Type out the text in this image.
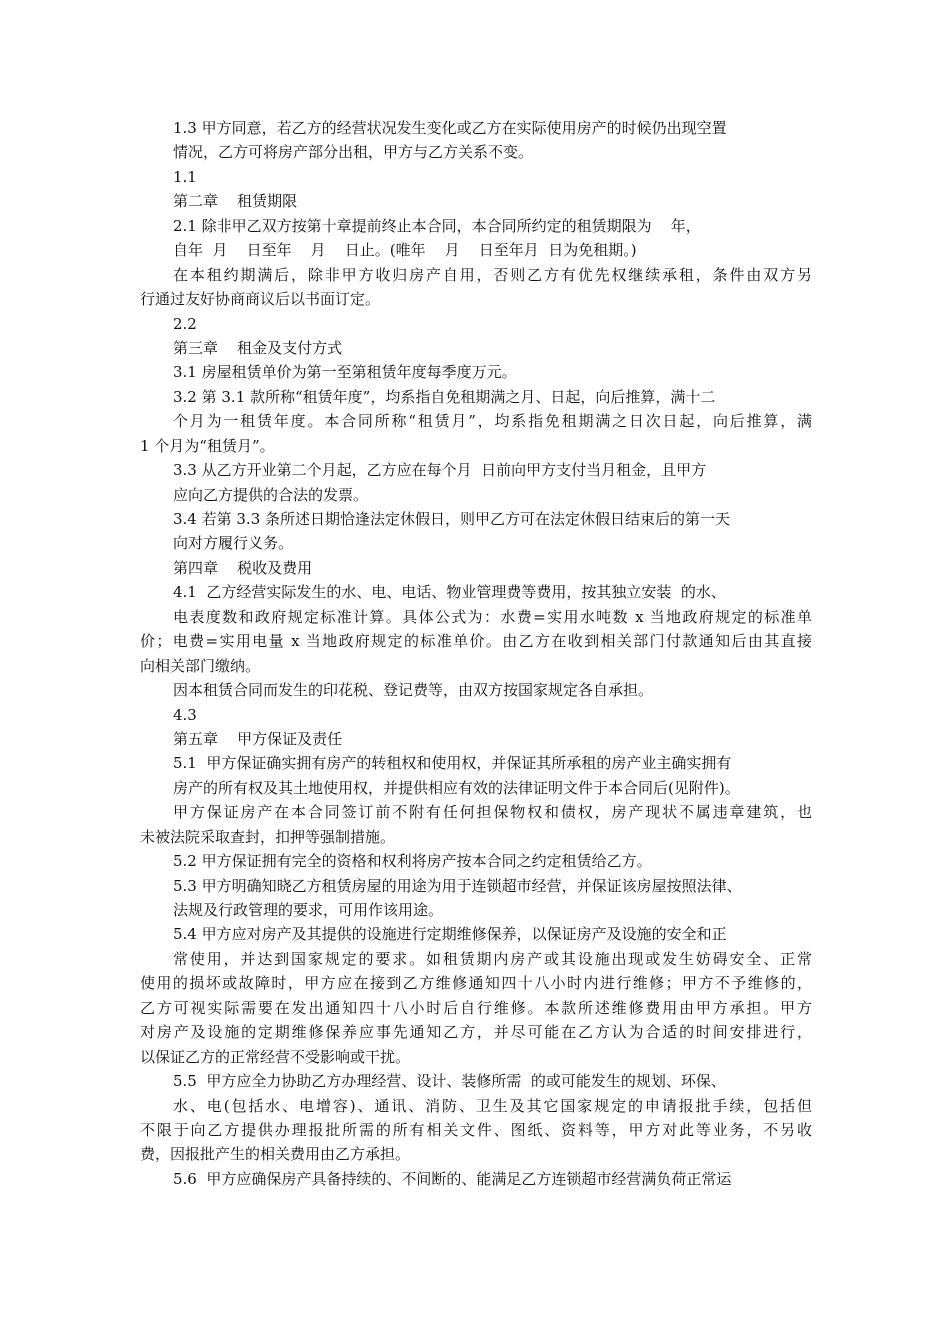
1.3 甲方同意，若乙方的经营状况发生变化或乙方在实际使用房产的时候仍出现空置
情况，乙方可将房产部分出租，甲方与乙方关系不变。
1.1
第二章    租赁期限
2.1 除非甲乙双方按第十章提前终止本合同，本合同所约定的租赁期限为    年，
自年  月    日至年    月    日止。(唯年    月    日至年月  日为免租期。)
在本租约期满后，除非甲方收归房产自用，否则乙方有优先权继续承租，条件由双方另
行通过友好协商商议后以书面订定。
2.2
第三章    租金及支付方式
3.1 房屋租赁单价为第一至第租赁年度每季度万元。
3.2 第 3.1 款所称“租赁年度”，均系指自免租期满之月、日起，向后推算，满十二
个月为一租赁年度。本合同所称“租赁月”，均系指免租期满之日次日起，向后推算，满
1 个月为“租赁月”。
3.3 从乙方开业第二个月起，乙方应在每个月  日前向甲方支付当月租金，且甲方
应向乙方提供的合法的发票。
3.4 若第 3.3 条所述日期恰逢法定休假日，则甲乙方可在法定休假日结束后的第一天
向对方履行义务。
第四章    税收及费用
4.1  乙方经营实际发生的水、电、电话、物业管理费等费用，按其独立安装  的水、
电表度数和政府规定标准计算。具体公式为：水费=实用水吨数 x 当地政府规定的标准单
价；电费=实用电量 x 当地政府规定的标准单价。由乙方在收到相关部门付款通知后由其直接
向相关部门缴纳。
因本租赁合同而发生的印花税、登记费等，由双方按国家规定各自承担。
4.3
第五章    甲方保证及责任
5.1  甲方保证确实拥有房产的转租权和使用权，并保证其所承租的房产业主确实拥有
房产的所有权及其土地使用权，并提供相应有效的法律证明文件于本合同后(见附件)。
甲方保证房产在本合同签订前不附有任何担保物权和债权，房产现状不属违章建筑，也
未被法院采取查封，扣押等强制措施。
5.2 甲方保证拥有完全的资格和权利将房产按本合同之约定租赁给乙方。
5.3 甲方明确知晓乙方租赁房屋的用途为用于连锁超市经营，并保证该房屋按照法律、
法规及行政管理的要求，可用作该用途。
5.4 甲方应对房产及其提供的设施进行定期维修保养，以保证房产及设施的安全和正
常使用，并达到国家规定的要求。如租赁期内房产或其设施出现或发生妨碍安全、正常
使用的损坏或故障时，甲方应在接到乙方维修通知四十八小时内进行维修；甲方不予维修的，
乙方可视实际需要在发出通知四十八小时后自行维修。本款所述维修费用由甲方承担。甲方
对房产及设施的定期维修保养应事先通知乙方，并尽可能在乙方认为合适的时间安排进行，
以保证乙方的正常经营不受影响或干扰。
5.5  甲方应全力协助乙方办理经营、设计、装修所需  的或可能发生的规划、环保、
水、电(包括水、电增容)、通讯、消防、卫生及其它国家规定的申请报批手续，包括但
不限于向乙方提供办理报批所需的所有相关文件、图纸、资料等，甲方对此等业务，不另收
费，因报批产生的相关费用由乙方承担。
5.6  甲方应确保房产具备持续的、不间断的、能满足乙方连锁超市经营满负荷正常运
